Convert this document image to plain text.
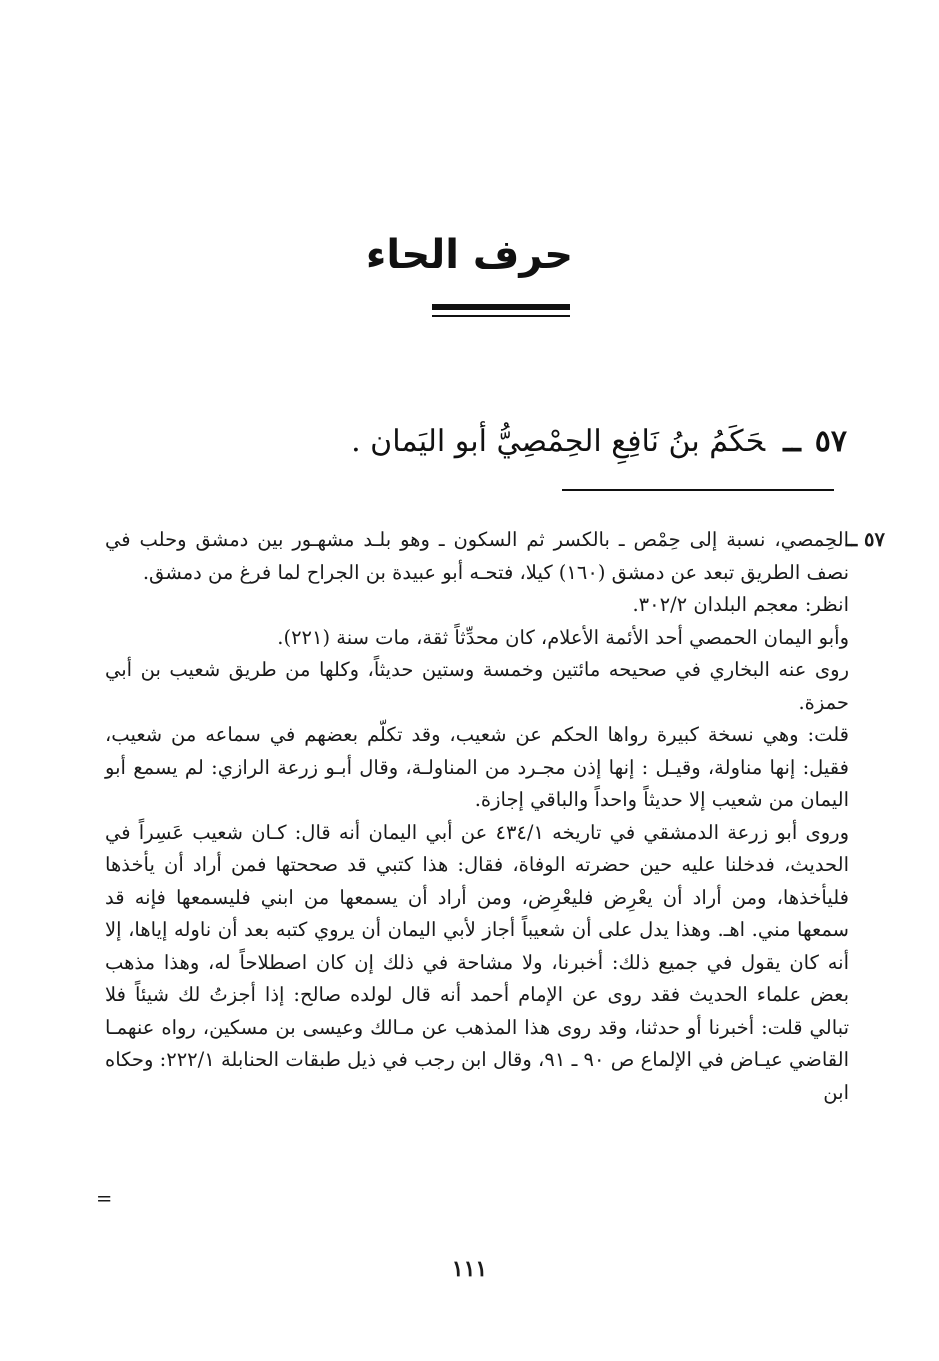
حرف الحاء
٥٧ــحَكَمُ بنُ نَافِعِ الحِمْصِيُّ أبو اليَمان .
٥٧ ــ

الحِمصي، نسبة إلى حِمْص ـ بالكسر ثم السكون ـ وهو بلـد مشهـور بين دمشق وحلب في نصف الطريق تبعد عن دمشق (١٦٠) كيلا، فتحـه أبو عبيدة بن الجراح لما فرغ من دمشق.

انظر: معجم البلدان ٣٠٢/٢.

وأبو اليمان الحمصي أحد الأئمة الأعلام، كان محدِّثاً ثقة، مات سنة (٢٢١).

روى عنه البخاري في صحيحه مائتين وخمسة وستين حديثاً، وكلها من طريق شعيب بن أبي حمزة.

قلت: وهي نسخة كبيرة رواها الحكم عن شعيب، وقد تكلّم بعضهم في سماعه من شعيب، فقيل: إنها مناولة، وقيـل : إنها إذن مجـرد من المناولـة، وقال أبـو زرعة الرازي: لم يسمع أبو اليمان من شعيب إلا حديثاً واحداً والباقي إجازة.

وروى أبو زرعة الدمشقي في تاريخه ٤٣٤/١ عن أبي اليمان أنه قال: كـان شعيب عَسِراً في الحديث، فدخلنا عليه حين حضرته الوفاة، فقال: هذا كتبي قد صححتها فمن أراد أن يأخذها فليأخذها، ومن أراد أن يعْرِض فليعْرِض، ومن أراد أن يسمعها من ابني فليسمعها فإنه قد سمعها مني. اهـ. وهذا يدل على أن شعيباً أجاز لأبي اليمان أن يروي كتبه بعد أن ناوله إياها، إلا أنه كان يقول في جميع ذلك: أخبرنا، ولا مشاحة في ذلك إن كان اصطلاحاً له، وهذا مذهب بعض علماء الحديث فقد روى عن الإمام أحمد أنه قال لولده صالح: إذا أجزتُ لك شيئاً فلا تبالي قلت: أخبرنا أو حدثنا، وقد روى هذا المذهب عن مـالك وعيسى بن مسكين، رواه عنهمـا القاضي عيـاض في الإلماع ص ٩٠ ـ ٩١، وقال ابن رجب في ذيل طبقات الحنابلة ٢٢٢/١: وحكاه ابن

=
١١١
